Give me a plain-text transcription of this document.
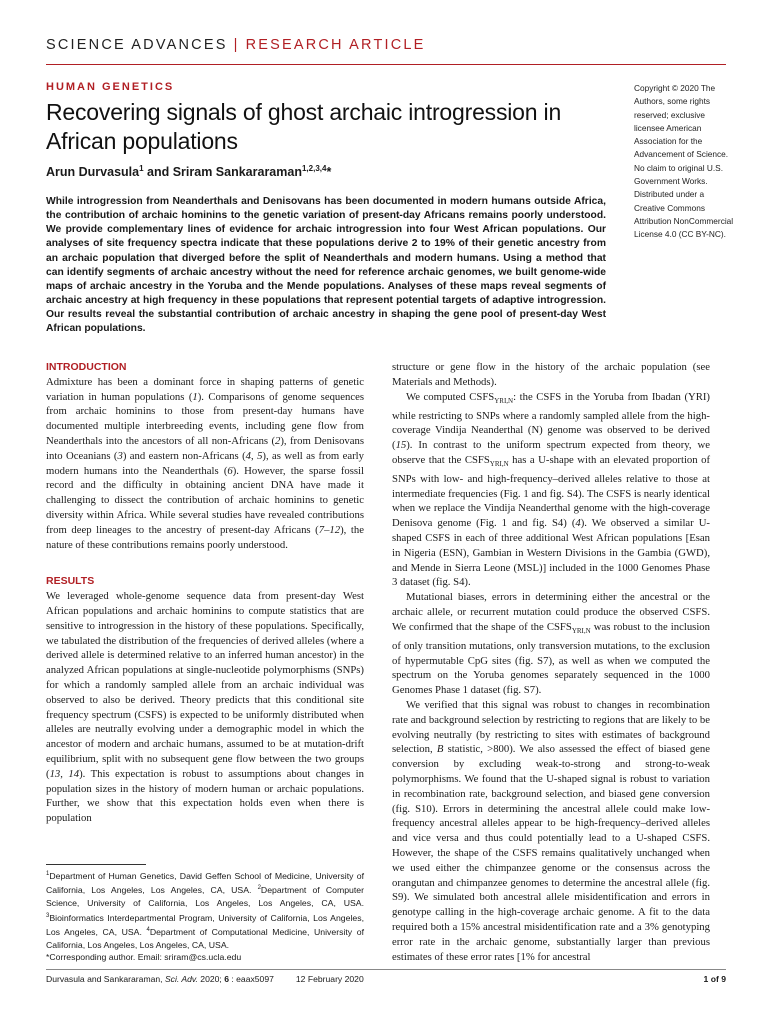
SCIENCE ADVANCES | RESEARCH ARTICLE
HUMAN GENETICS
Recovering signals of ghost archaic introgression in African populations
Arun Durvasula$^1$ and Sriram Sankararaman$^{1,2,3,4}$*

While introgression from Neanderthals and Denisovans has been documented in modern humans outside Africa, the contribution of archaic hominins to the genetic variation of present-day Africans remains poorly understood. We provide complementary lines of evidence for archaic introgression into four West African populations. Our analyses of site frequency spectra indicate that these populations derive 2 to 19% of their genetic ancestry from an archaic population that diverged before the split of Neanderthals and modern humans. Using a method that can identify segments of archaic ancestry without the need for reference archaic genomes, we built genome-wide maps of archaic ancestry in the Yoruba and the Mende populations. Analyses of these maps reveal segments of archaic ancestry at high frequency in these populations that represent potential targets of adaptive introgression. Our results reveal the substantial contribution of archaic ancestry in shaping the gene pool of present-day West African populations.

Copyright © 2020 The Authors, some rights reserved; exclusive licensee American Association for the Advancement of Science. No claim to original U.S. Government Works. Distributed under a Creative Commons Attribution NonCommercial License 4.0 (CC BY-NC).
INTRODUCTION

Admixture has been a dominant force in shaping patterns of genetic variation in human populations (1). Comparisons of genome sequences from archaic hominins to those from present-day humans have documented multiple interbreeding events, including gene flow from Neanderthals into the ancestors of all non-Africans (2), from Denisovans into Oceanians (3) and eastern non-Africans (4, 5), as well as from early modern humans into the Neanderthals (6). However, the sparse fossil record and the difficulty in obtaining ancient DNA have made it challenging to dissect the contribution of archaic hominins to genetic diversity within Africa. While several studies have revealed contributions from deep lineages to the ancestry of present-day Africans (7–12), the nature of these contributions remains poorly understood.

RESULTS

We leveraged whole-genome sequence data from present-day West African populations and archaic hominins to compute statistics that are sensitive to introgression in the history of these populations. Specifically, we tabulated the distribution of the frequencies of derived alleles (where a derived allele is determined relative to an inferred human ancestor) in the analyzed African populations at single-nucleotide polymorphisms (SNPs) for which a randomly sampled allele from an archaic individual was observed to also be derived. Theory predicts that this conditional site frequency spectrum (CSFS) is expected to be uniformly distributed when alleles are neutrally evolving under a demographic model in which the ancestor of modern and archaic humans, assumed to be at mutation-drift equilibrium, split with no subsequent gene flow between the two groups (13, 14). This expectation is robust to assumptions about changes in population sizes in the history of modern human or archaic populations. Further, we show that this expectation holds even when there is population

structure or gene flow in the history of the archaic population (see Materials and Methods).

We computed $CSFS_{YRI,N}$: the CSFS in the Yoruba from Ibadan (YRI) while restricting to SNPs where a randomly sampled allele from the high-coverage Vindija Neanderthal (N) genome was observed to be derived (15). In contrast to the uniform spectrum expected from theory, we observe that the $CSFS_{YRI,N}$ has a U-shape with an elevated proportion of SNPs with low- and high-frequency–derived alleles relative to those at intermediate frequencies (Fig. 1 and fig. S4). The CSFS is nearly identical when we replace the Vindija Neanderthal genome with the high-coverage Denisova genome (Fig. 1 and fig. S4) (4). We observed a similar U-shaped CSFS in each of three additional West African populations [Esan in Nigeria (ESN), Gambian in Western Divisions in the Gambia (GWD), and Mende in Sierra Leone (MSL)] included in the 1000 Genomes Phase 3 dataset (fig. S4).

Mutational biases, errors in determining either the ancestral or the archaic allele, or recurrent mutation could produce the observed CSFS. We confirmed that the shape of the $CSFS_{YRI,N}$ was robust to the inclusion of only transition mutations, only transversion mutations, to the exclusion of hypermutable CpG sites (fig. S7), as well as when we computed the spectrum on the Yoruba genomes separately sequenced in the 1000 Genomes Phase 1 dataset (fig. S7).

We verified that this signal was robust to changes in recombination rate and background selection by restricting to regions that are likely to be evolving neutrally (by restricting to sites with estimates of background selection, B statistic, >800). We also assessed the effect of biased gene conversion by excluding weak-to-strong and strong-to-weak polymorphisms. We found that the U-shaped signal is robust to variation in recombination rate, background selection, and biased gene conversion (fig. S10). Errors in determining the ancestral allele could make low-frequency ancestral alleles appear to be high-frequency–derived alleles and vice versa and thus could potentially lead to a U-shaped CSFS. However, the shape of the CSFS remains qualitatively unchanged when we used either the chimpanzee genome or the consensus across the orangutan and chimpanzee genomes to determine the ancestral allele (fig. S9). We simulated both ancestral allele misidentification and errors in genotype calling in the high-coverage archaic genome. A fit to the data required both a 15% ancestral misidentification rate and a 3% genotyping error rate in the archaic genome, substantially larger than previous estimates of these error rates [1% for ancestral

$^1$Department of Human Genetics, David Geffen School of Medicine, University of California, Los Angeles, Los Angeles, CA, USA. $^2$Department of Computer Science, University of California, Los Angeles, Los Angeles, CA, USA. $^3$Bioinformatics Interdepartmental Program, University of California, Los Angeles, Los Angeles, CA, USA. $^4$Department of Computational Medicine, University of California, Los Angeles, Los Angeles, CA, USA.

*Corresponding author. Email: sriram@cs.ucla.edu

Durvasula and Sankararaman, Sci. Adv. 2020; 6 : eaax5097	12 February 2020	1 of 9
